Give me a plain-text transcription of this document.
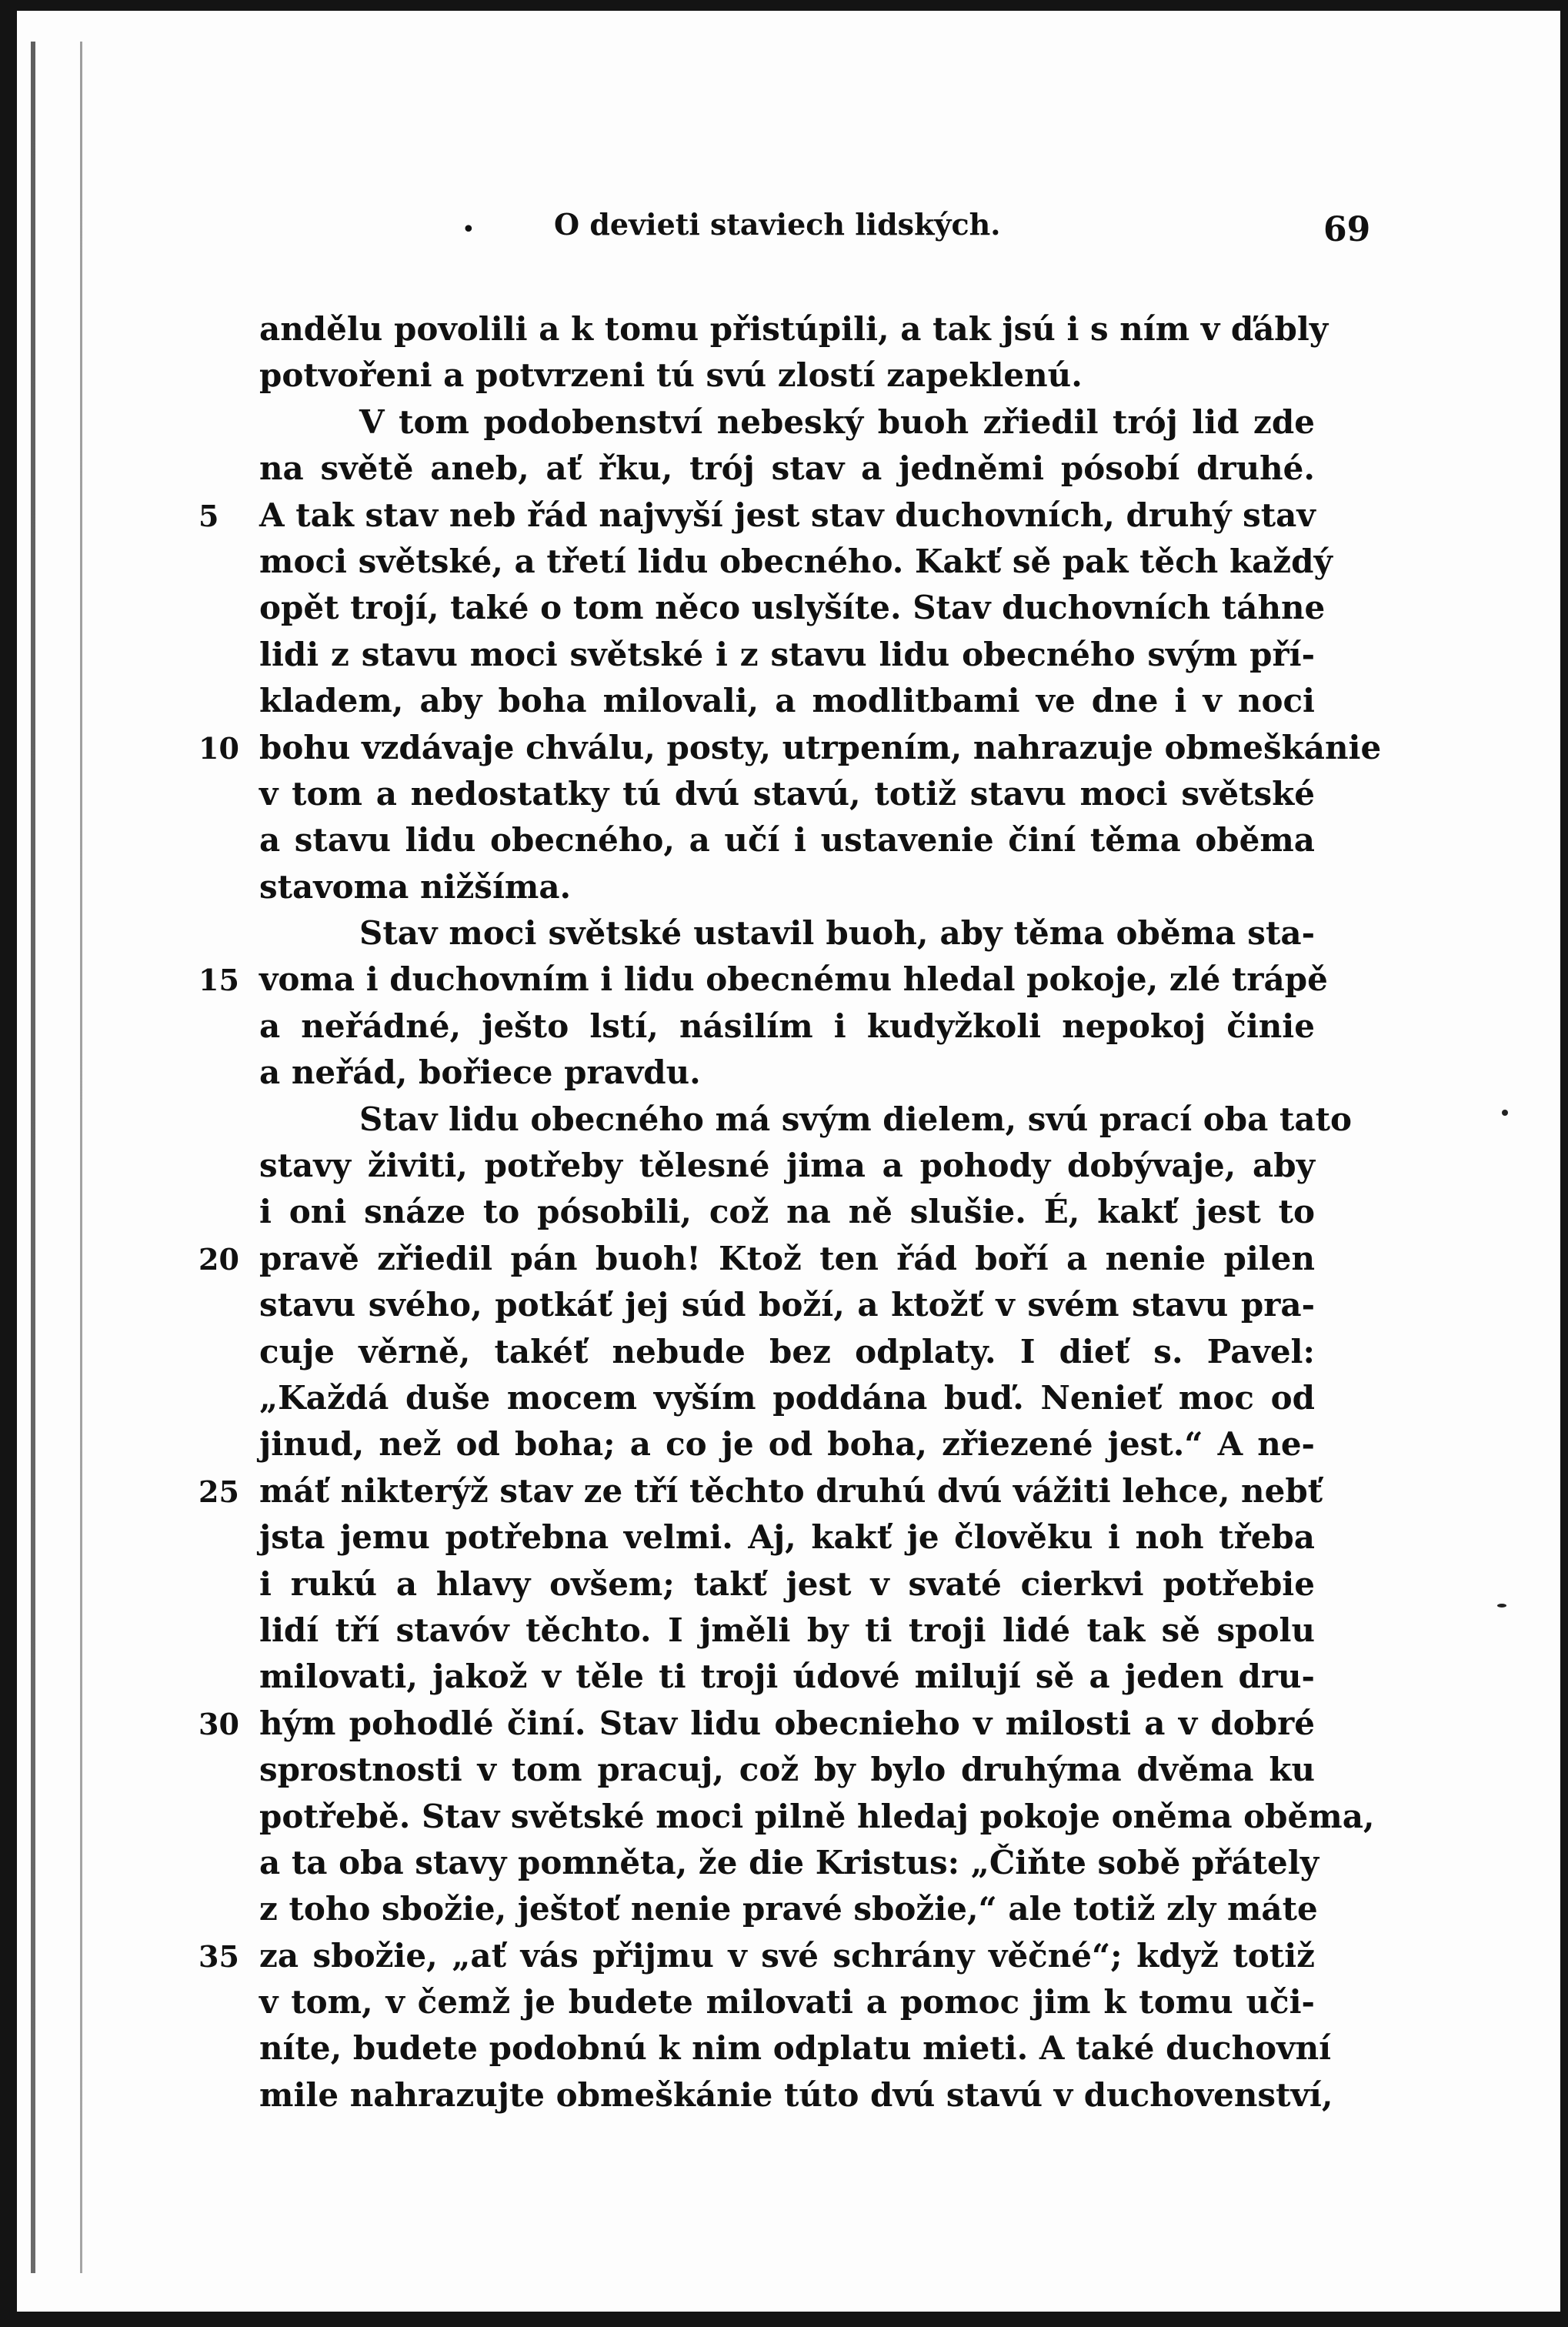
•	O devieti staviech lidských.	69
andělu povolili a k tomu přistúpili, a tak jsú i s ním v ďábly
potvořeni a potvrzeni tú svú zlostí zapeklenú.
V tom podobenství nebeský buoh zřiedil trój lid zde
na světě aneb, ať řku, trój stav a jedněmi pósobí druhé.
5	A tak stav neb řád najvyší jest stav duchovních, druhý stav
moci světské, a třetí lidu obecného. Kakť sě pak těch každý
opět trojí, také o tom něco uslyšíte. Stav duchovních táhne
lidi z stavu moci světské i z stavu lidu obecného svým pří-
kladem, aby boha milovali, a modlitbami ve dne i v noci
10 bohu vzdávaje chválu, posty, utrpením, nahrazuje obmeškánie
v tom a nedostatky tú dvú stavú, totiž stavu moci světské
a stavu lidu obecného, a učí i ustavenie činí těma oběma
stavoma nižšíma.
Stav moci světské ustavil buoh, aby těma oběma sta-
15 voma i duchovním i lidu obecnému hledal pokoje, zlé trápě
a neřádné, ješto lstí, násilím i kudyžkoli nepokoj činie
a neřád, bořiece pravdu.
Stav lidu obecného má svým dielem, svú prací oba tato
stavy živiti, potřeby tělesné jima a pohody dobývaje, aby
i oni snáze to pósobili, což na ně slušie. É, kakť jest to
20 pravě zřiedil pán buoh! Ktož ten řád boří a nenie pilen
stavu svého, potkáť jej súd boží, a ktožť v svém stavu pra-
cuje věrně, takéť nebude bez odplaty. I dieť s. Pavel:
„Každá duše mocem vyším poddána buď. Nenieť moc od
jinud, než od boha; a co je od boha, zřiezené jest.“ A ne-
25 máť nikterýž stav ze tří těchto druhú dvú vážiti lehce, nebť
jsta jemu potřebna velmi. Aj, kakť je člověku i noh třeba
i rukú a hlavy ovšem; takť jest v svaté cierkvi potřebie
lidí tří stavóv těchto. I jměli by ti troji lidé tak sě spolu
milovati, jakož v těle ti troji údové milují sě a jeden dru-
30 hým pohodlé činí. Stav lidu obecnieho v milosti a v dobré
sprostnosti v tom pracuj, což by bylo druhýma dvěma ku
potřebě. Stav světské moci pilně hledaj pokoje oněma oběma,
a ta oba stavy pomněta, že die Kristus: „Čiňte sobě přátely
z toho sbožie, ještoť nenie pravé sbožie,“ ale totiž zly máte
35 za sbožie, „ať vás přijmu v své schrány věčné“; když totiž
v tom, v čemž je budete milovati a pomoc jim k tomu uči-
níte, budete podobnú k nim odplatu mieti. A také duchovní
mile nahrazujte obmeškánie túto dvú stavú v duchovenství,
